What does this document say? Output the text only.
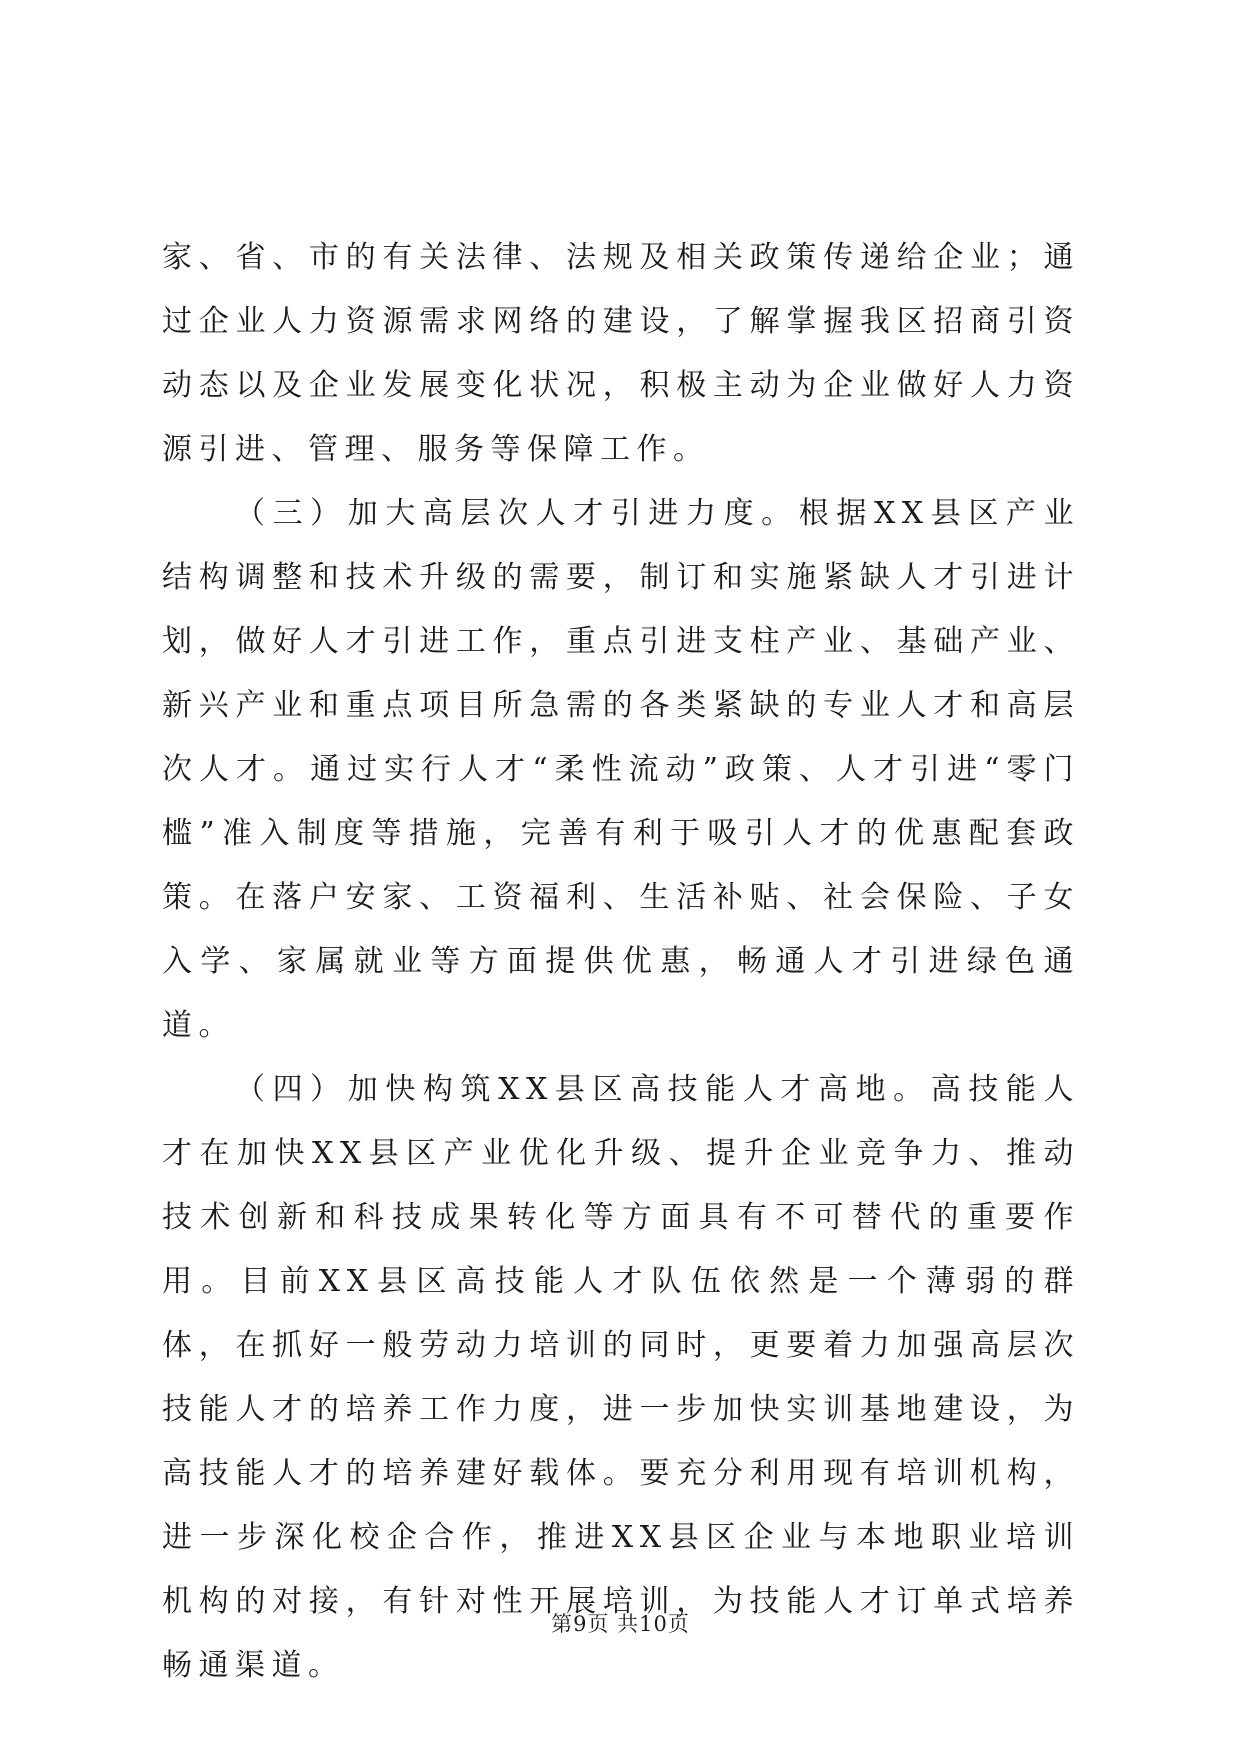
家、省、市的有关法律、法规及相关政策传递给企业；通过企业人力资源需求网络的建设，了解掌握我区招商引资动态以及企业发展变化状况，积极主动为企业做好人力资源引进、管理、服务等保障工作。

（三）加大高层次人才引进力度。根据XX县区产业结构调整和技术升级的需要，制订和实施紧缺人才引进计划，做好人才引进工作，重点引进支柱产业、基础产业、新兴产业和重点项目所急需的各类紧缺的专业人才和高层次人才。通过实行人才“柔性流动”政策、人才引进“零门槛”准入制度等措施，完善有利于吸引人才的优惠配套政策。在落户安家、工资福利、生活补贴、社会保险、子女入学、家属就业等方面提供优惠，畅通人才引进绿色通道。

（四）加快构筑XX县区高技能人才高地。高技能人才在加快XX县区产业优化升级、提升企业竞争力、推动技术创新和科技成果转化等方面具有不可替代的重要作用。目前XX县区高技能人才队伍依然是一个薄弱的群体，在抓好一般劳动力培训的同时，更要着力加强高层次技能人才的培养工作力度，进一步加快实训基地建设，为高技能人才的培养建好载体。要充分利用现有培训机构，进一步深化校企合作，推进XX县区企业与本地职业培训机构的对接，有针对性开展培训，为技能人才订单式培养畅通渠道。

第9页 共10页
